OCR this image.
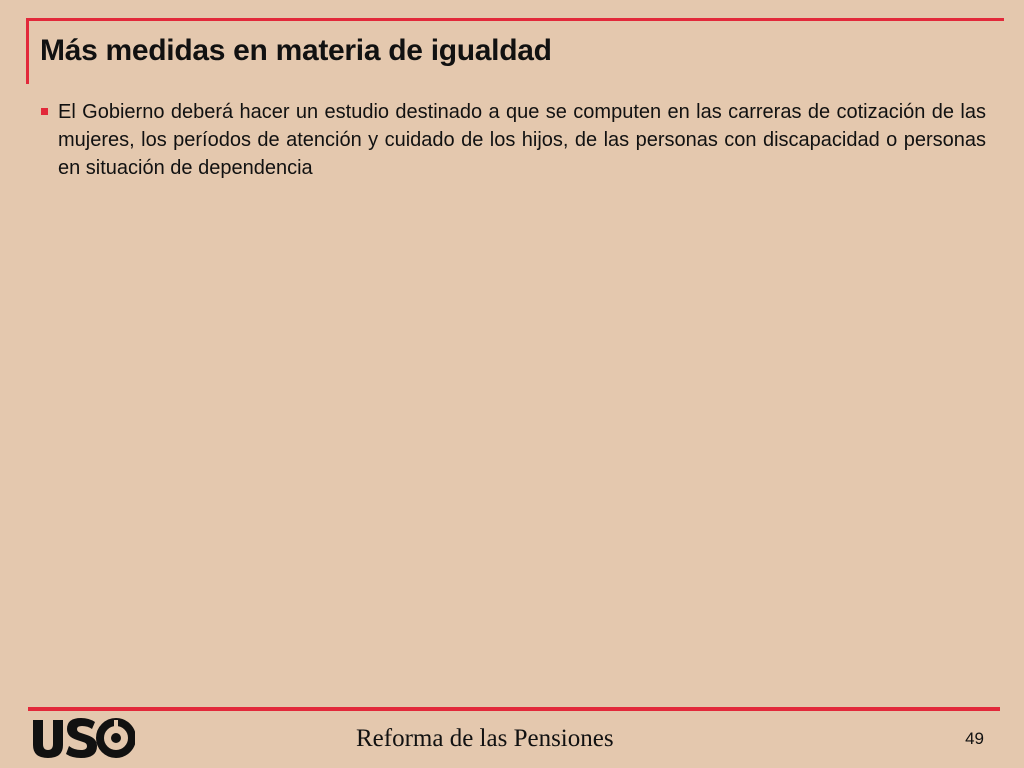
Más medidas en materia de igualdad
El Gobierno deberá hacer un estudio destinado a que se computen en las carreras de cotización de las mujeres, los períodos de atención y cuidado de los hijos, de las personas con discapacidad o personas en situación de dependencia
Reforma de las Pensiones	49
